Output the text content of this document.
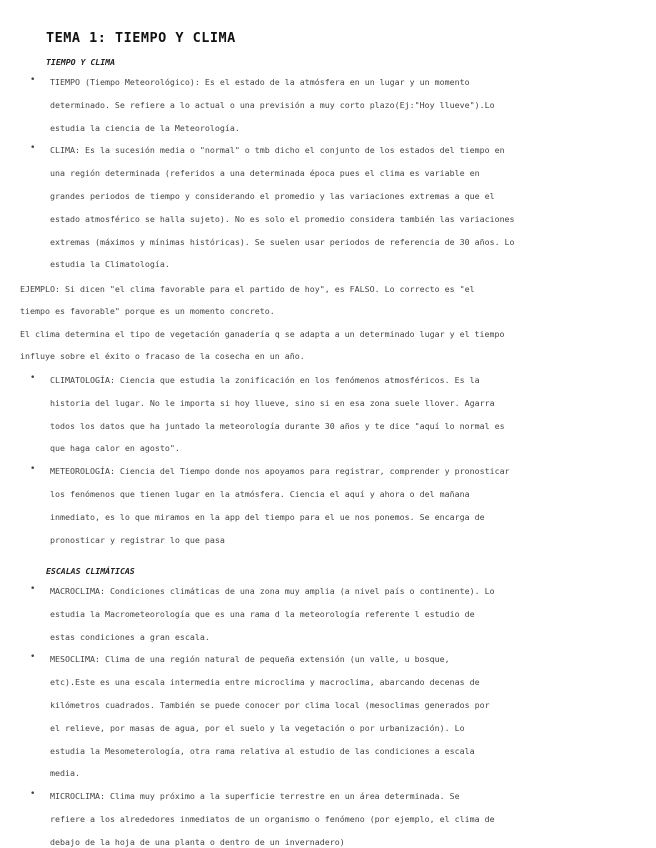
TEMA 1: TIEMPO Y CLIMA
TIEMPO Y CLIMA
• TIEMPO (Tiempo Meteorológico): Es el estado de la atmósfera en un lugar y un momento
determinado. Se refiere a lo actual o una previsión a muy corto plazo(Ej:"Hoy llueve").Lo
estudia la ciencia de la Meteorología.
• CLIMA: Es la sucesión media o "normal" o tmb dicho el conjunto de los estados del tiempo en
una región determinada (referidos a una determinada época pues el clima es variable en
grandes periodos de tiempo y considerando el promedio y las variaciones extremas a que el
estado atmosférico se halla sujeto). No es solo el promedio considera también las variaciones
extremas (máximos y mínimas históricas). Se suelen usar periodos de referencia de 30 años. Lo
estudia la Climatología.
EJEMPLO: Si dicen "el clima favorable para el partido de hoy", es FALSO. Lo correcto es "el
tiempo es favorable" porque es un momento concreto.
El clima determina el tipo de vegetación ganadería q se adapta a un determinado lugar y el tiempo
influye sobre el éxito o fracaso de la cosecha en un año.
• CLIMATOLOGÍA: Ciencia que estudia la zonificación en los fenómenos atmosféricos. Es la
historia del lugar. No le importa si hoy llueve, sino si en esa zona suele llover. Agarra
todos los datos que ha juntado la meteorología durante 30 años y te dice "aquí lo normal es
que haga calor en agosto".
• METEOROLOGÍA: Ciencia del Tiempo donde nos apoyamos para registrar, comprender y pronosticar
los fenómenos que tienen lugar en la atmósfera. Ciencia el aquí y ahora o del mañana
inmediato, es lo que miramos en la app del tiempo para el ue nos ponemos. Se encarga de
pronosticar y registrar lo que pasa
• MACROCLIMA: Condiciones climáticas de una zona muy amplia (a nivel país o continente). Lo
estudia la Macrometeorología que es una rama d la meteorología referente l estudio de
estas condiciones a gran escala.
• MESOCLIMA: Clima de una región natural de pequeña extensión (un valle, u bosque,
etc).Este es una escala intermedia entre microclima y macroclima, abarcando decenas de
kilómetros cuadrados. También se puede conocer por clima local (mesoclimas generados por
el relieve, por masas de agua, por el suelo y la vegetación o por urbanización). Lo
estudia la Mesometerología, otra rama relativa al estudio de las condiciones a escala
media.
• MICROCLIMA: Clima muy próximo a la superficie terrestre en un área determinada. Se
refiere a los alrededores inmediatos de un organismo o fenómeno (por ejemplo, el clima de
debajo de la hoja de una planta o dentro de un invernadero)
ESCALAS CLIMÁTICAS
